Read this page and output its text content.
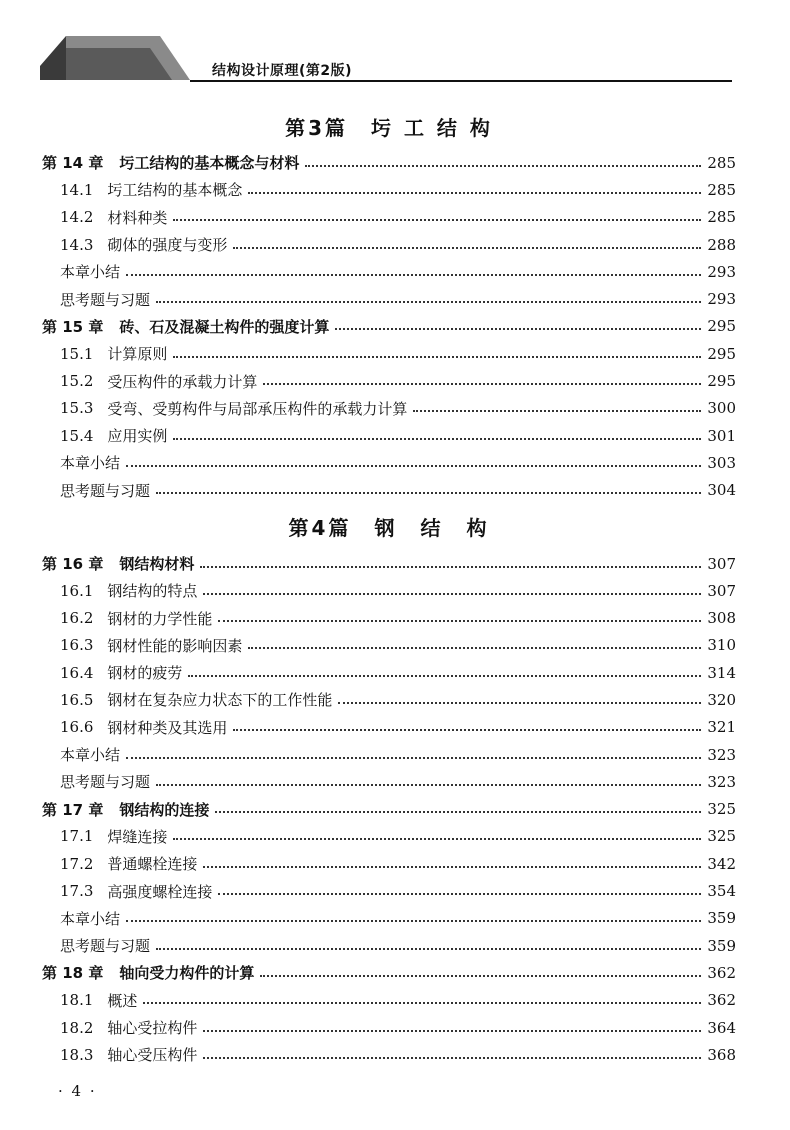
结构设计原理(第2版)
第3篇　圬 工 结 构
第 14 章 圬工结构的基本概念与材料	285
14.1 圬工结构的基本概念	285
14.2 材料种类	285
14.3 砌体的强度与变形	288
本章小结	293
思考题与习题	293
第 15 章 砖、石及混凝土构件的强度计算	295
15.1 计算原则	295
15.2 受压构件的承载力计算	295
15.3 受弯、受剪构件与局部承压构件的承载力计算	300
15.4 应用实例	301
本章小结	303
思考题与习题	304
第4篇　钢　结　构
第 16 章 钢结构材料	307
16.1 钢结构的特点	307
16.2 钢材的力学性能	308
16.3 钢材性能的影响因素	310
16.4 钢材的疲劳	314
16.5 钢材在复杂应力状态下的工作性能	320
16.6 钢材种类及其选用	321
本章小结	323
思考题与习题	323
第 17 章 钢结构的连接	325
17.1 焊缝连接	325
17.2 普通螺栓连接	342
17.3 高强度螺栓连接	354
本章小结	359
思考题与习题	359
第 18 章 轴向受力构件的计算	362
18.1 概述	362
18.2 轴心受拉构件	364
18.3 轴心受压构件	368
· 4 ·
